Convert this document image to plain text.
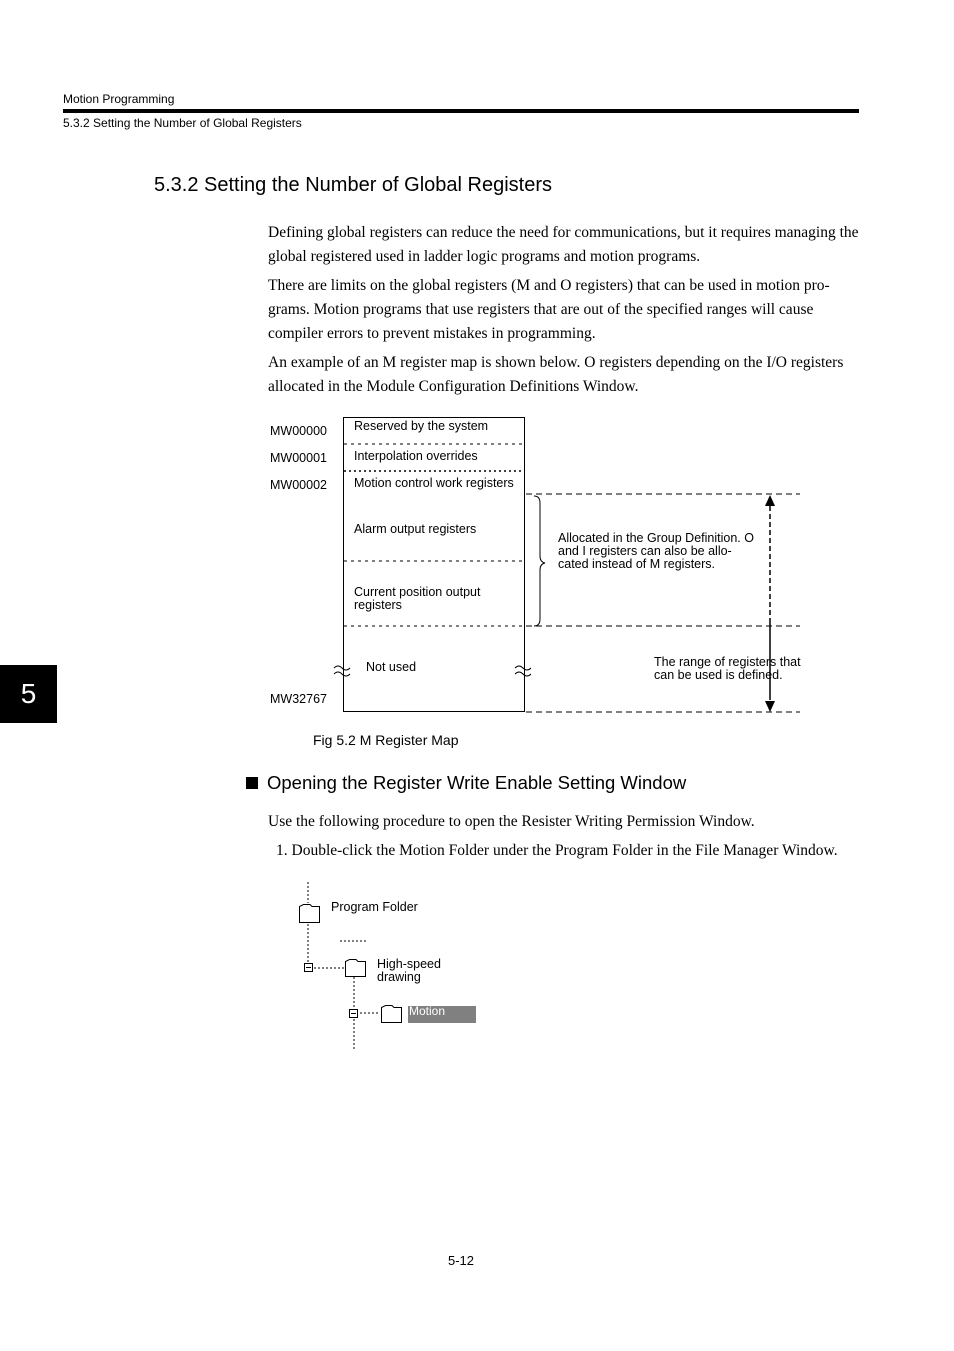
Motion Programming
5.3.2 Setting the Number of Global Registers
5.3.2 Setting the Number of Global Registers
Defining global registers can reduce the need for communications, but it requires managing the global registered used in ladder logic programs and motion programs.
There are limits on the global registers (M and O registers) that can be used in motion pro-grams. Motion programs that use registers that are out of the specified ranges will cause compiler errors to prevent mistakes in programming.
An example of an M register map is shown below. O registers depending on the I/O registers allocated in the Module Configuration Definitions Window.
5
MW00000
MW00001
MW00002
MW32767
Reserved by the system
Interpolation overrides
Motion control work registers
Alarm output registers
Current position output registers
Not used
Allocated in the Group Definition. O and I registers can also be allo-cated instead of M registers.
The range of registers that can be used is defined.
Fig 5.2 M Register Map
Opening the Register Write Enable Setting Window
Use the following procedure to open the Resister Writing Permission Window.
1. Double-click the Motion Folder under the Program Folder in the File Manager Window.
Program Folder
High-speed drawing
Motion
5-12
